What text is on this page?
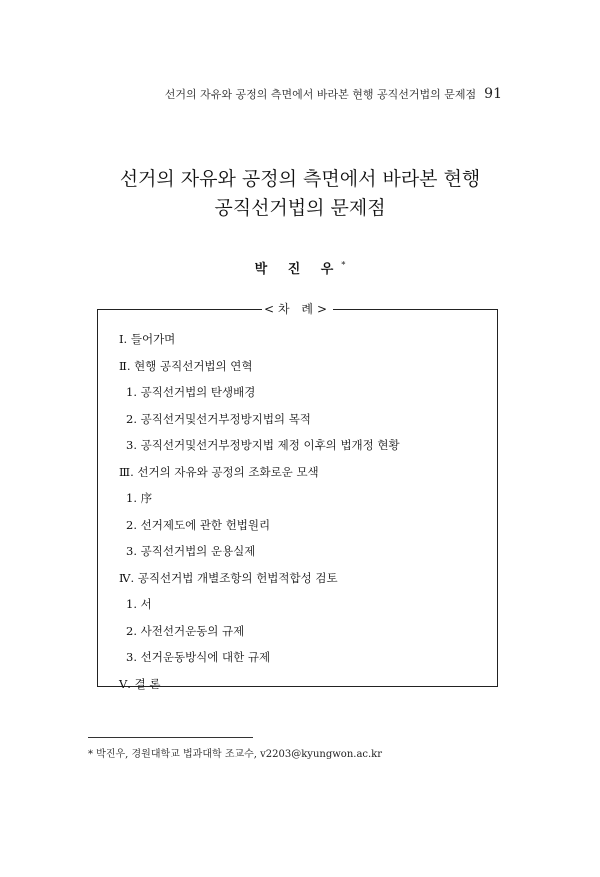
선거의 자유와 공정의 측면에서 바라본 현행 공직선거법의 문제점 91
선거의 자유와 공정의 측면에서 바라본 현행
공직선거법의 문제점
박 진 우*
<차 례>
Ⅰ. 들어가며
Ⅱ. 현행 공직선거법의 연혁
1. 공직선거법의 탄생배경
2. 공직선거및선거부정방지법의 목적
3. 공직선거및선거부정방지법 제정 이후의 법개정 현황
Ⅲ. 선거의 자유와 공정의 조화로운 모색
1. 序
2. 선거제도에 관한 헌법원리
3. 공직선거법의 운용실제
Ⅳ. 공직선거법 개별조항의 헌법적합성 검토
1. 서
2. 사전선거운동의 규제
3. 선거운동방식에 대한 규제
Ⅴ. 결 론
* 박진우, 경원대학교 법과대학 조교수, v2203@kyungwon.ac.kr
